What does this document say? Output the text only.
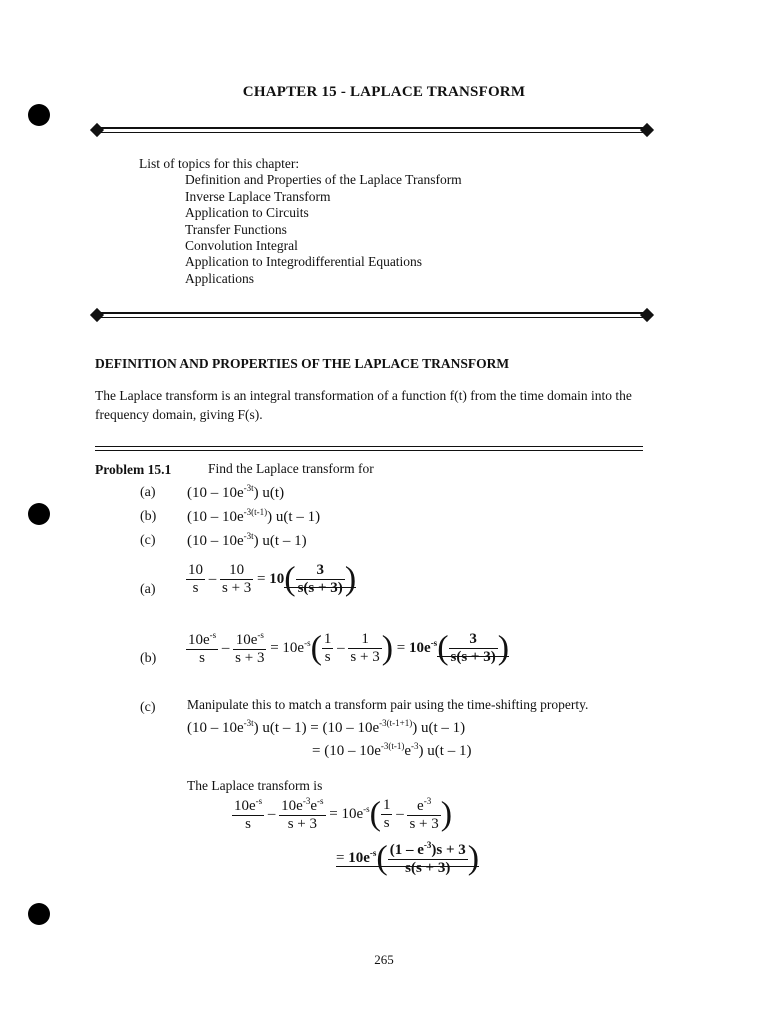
CHAPTER 15 - LAPLACE TRANSFORM
List of topics for this chapter:
Definition and Properties of the Laplace Transform
Inverse Laplace Transform
Application to Circuits
Transfer Functions
Convolution Integral
Application to Integrodifferential Equations
Applications
DEFINITION AND PROPERTIES OF THE LAPLACE TRANSFORM
The Laplace transform is an integral transformation of a function f(t) from the time domain into the frequency domain, giving F(s).
Problem 15.1	Find the Laplace transform for
(a) $(10 - 10e^{-3t})$ u(t)
(b) $(10 - 10e^{-3(t-1)})$ u(t – 1)
(c) $(10 - 10e^{-3t})$ u(t – 1)
$(a) \frac{10}{s} - \frac{10}{s + 3} = 10( \frac{3}{s(s + 3)}$ )
$(b) \frac{10e^{-s}}{s} - \frac{10e^{-s}}{s + 3} = 10e^{-s}( \frac{1}{s} - \frac{1}{s + 3}$ ) = $10e^{-s}( \frac{3}{s(s + 3)}$ )
(c) Manipulate this to match a transform pair using the time-shifting property.
$(10 - 10e^{-3t})$ $u(t - 1) = (10 - 10e^{-3(t-1+1)})$ u(t – 1)
= $(10 - 10e^{-3(t-1)}e^{-3})$ u(t – 1)
The Laplace transform is
$\frac{10e^{-s}}{s} - \frac{10e^{-3}e^{-s}}{s + 3} = 10e^{-s}( \frac{1}{s} - \frac{e^{-3}}{s + 3}$ )
= $10e^{-s}( \frac{(1 - e^{-3})s + 3}{s(s + 3)}$ )
265
